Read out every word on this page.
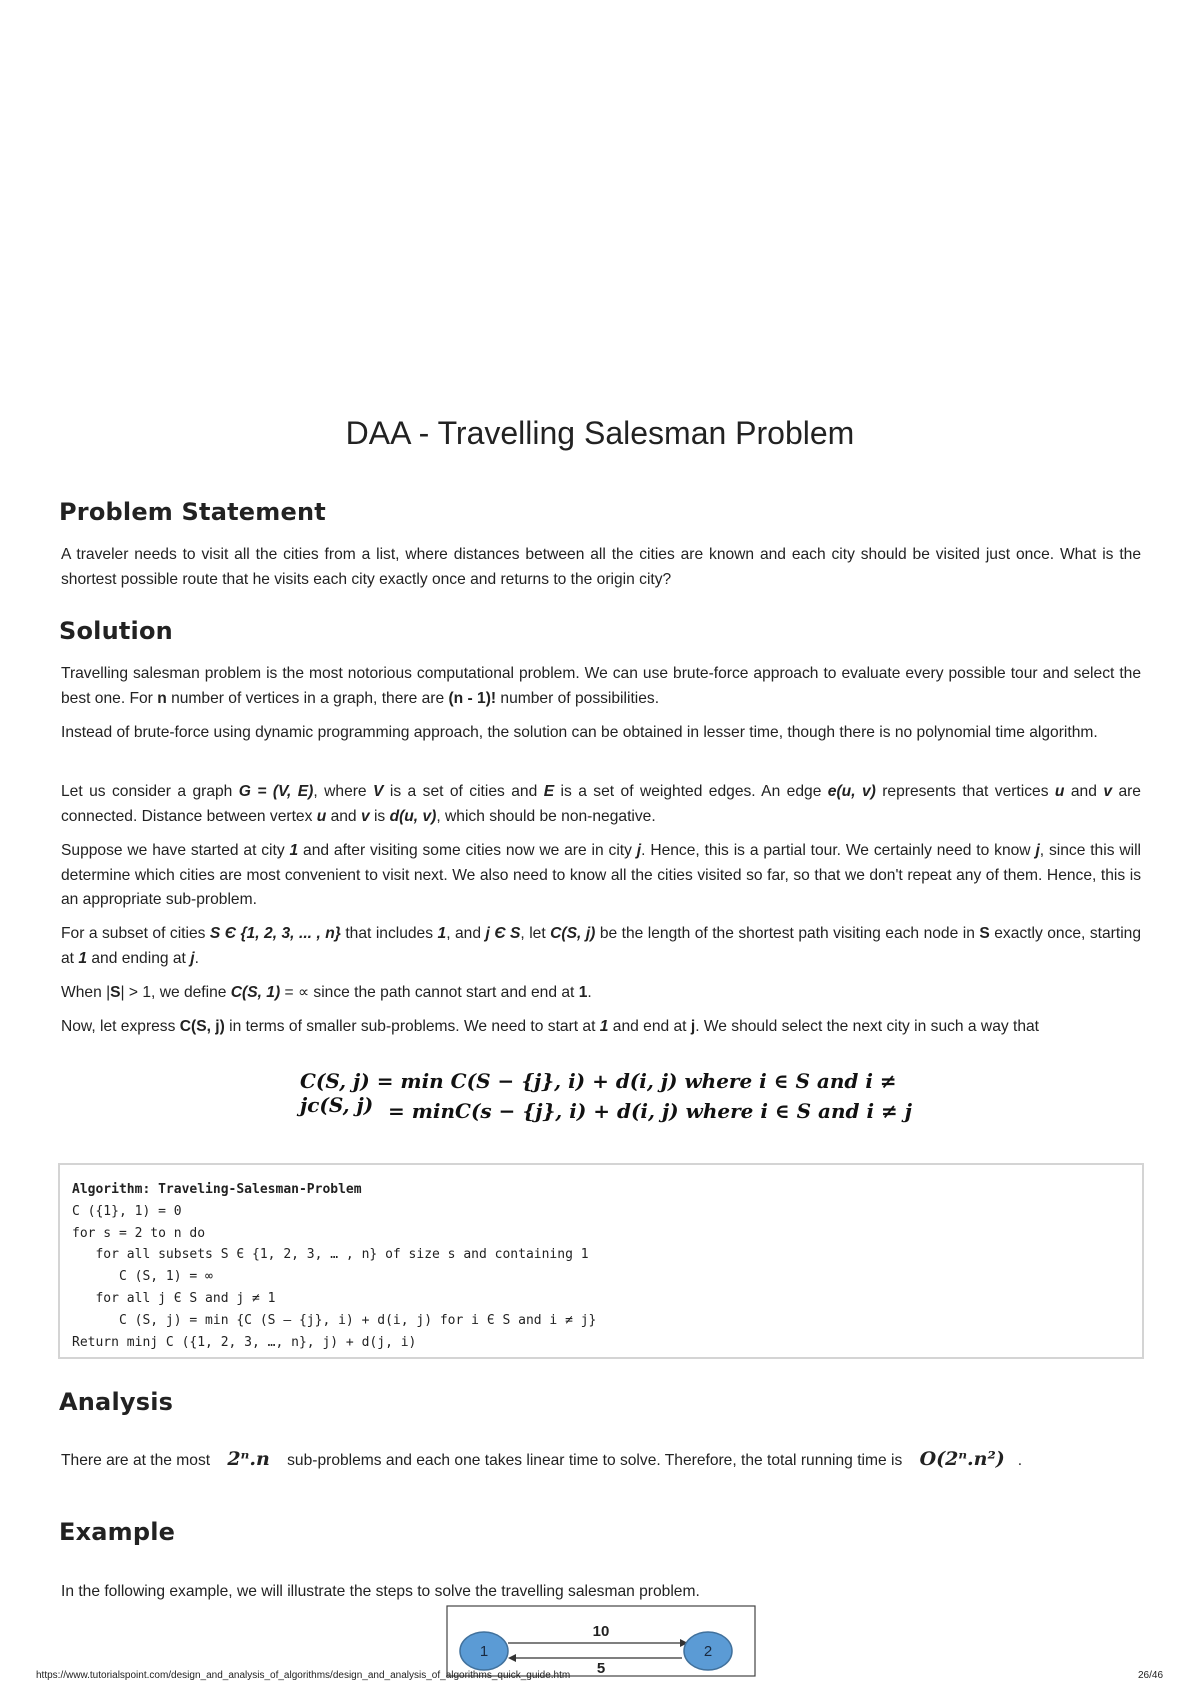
DAA - Travelling Salesman Problem
Problem Statement

A traveler needs to visit all the cities from a list, where distances between all the cities are known and each city should be visited just once. What is the shortest possible route that he visits each city exactly once and returns to the origin city?

Solution

Travelling salesman problem is the most notorious computational problem. We can use brute-force approach to evaluate every possible tour and select the best one. For n number of vertices in a graph, there are (n - 1)! number of possibilities.

Instead of brute-force using dynamic programming approach, the solution can be obtained in lesser time, though there is no polynomial time algorithm.

Let us consider a graph G = (V, E), where V is a set of cities and E is a set of weighted edges. An edge e(u, v) represents that vertices u and v are connected. Distance between vertex u and v is d(u, v), which should be non-negative.

Suppose we have started at city 1 and after visiting some cities now we are in city j. Hence, this is a partial tour. We certainly need to know j, since this will determine which cities are most convenient to visit next. We also need to know all the cities visited so far, so that we don't repeat any of them. Hence, this is an appropriate sub-problem.

For a subset of cities S Є {1, 2, 3, ... , n} that includes 1, and j Є S, let C(S, j) be the length of the shortest path visiting each node in S exactly once, starting at 1 and ending at j.

When |S| > 1, we define C(S, 1) = ∝ since the path cannot start and end at 1.

Now, let express C(S, j) in terms of smaller sub-problems. We need to start at 1 and end at j. We should select the next city in such a way that

C(S, j) = min C(S − {j}, i) + d(i, j) where i ∈ S and i ≠ jc(S, j) = minC(s − {j}, i) + d(i, j) where i ∈ S and i ≠ j
Algorithm: Traveling-Salesman-Problem
C ({1}, 1) = 0
for s = 2 to n do
for all subsets S Є {1, 2, 3, … , n} of size s and containing 1
C (S, 1) = ∞
for all j Є S and j ≠ 1
C (S, j) = min {C (S – {j}, i) + d(i, j) for i Є S and i ≠ j}
Return minj C ({1, 2, 3, …, n}, j) + d(j, i)
Analysis

There are at the most    2ⁿ.n    sub-problems and each one takes linear time to solve. Therefore, the total running time is    O(2ⁿ.n²)   .

Example

In the following example, we will illustrate the steps to solve the travelling salesman problem.

10
5
1	2
https://www.tutorialspoint.com/design_and_analysis_of_algorithms/design_and_analysis_of_algorithms_quick_guide.htm	26/46
